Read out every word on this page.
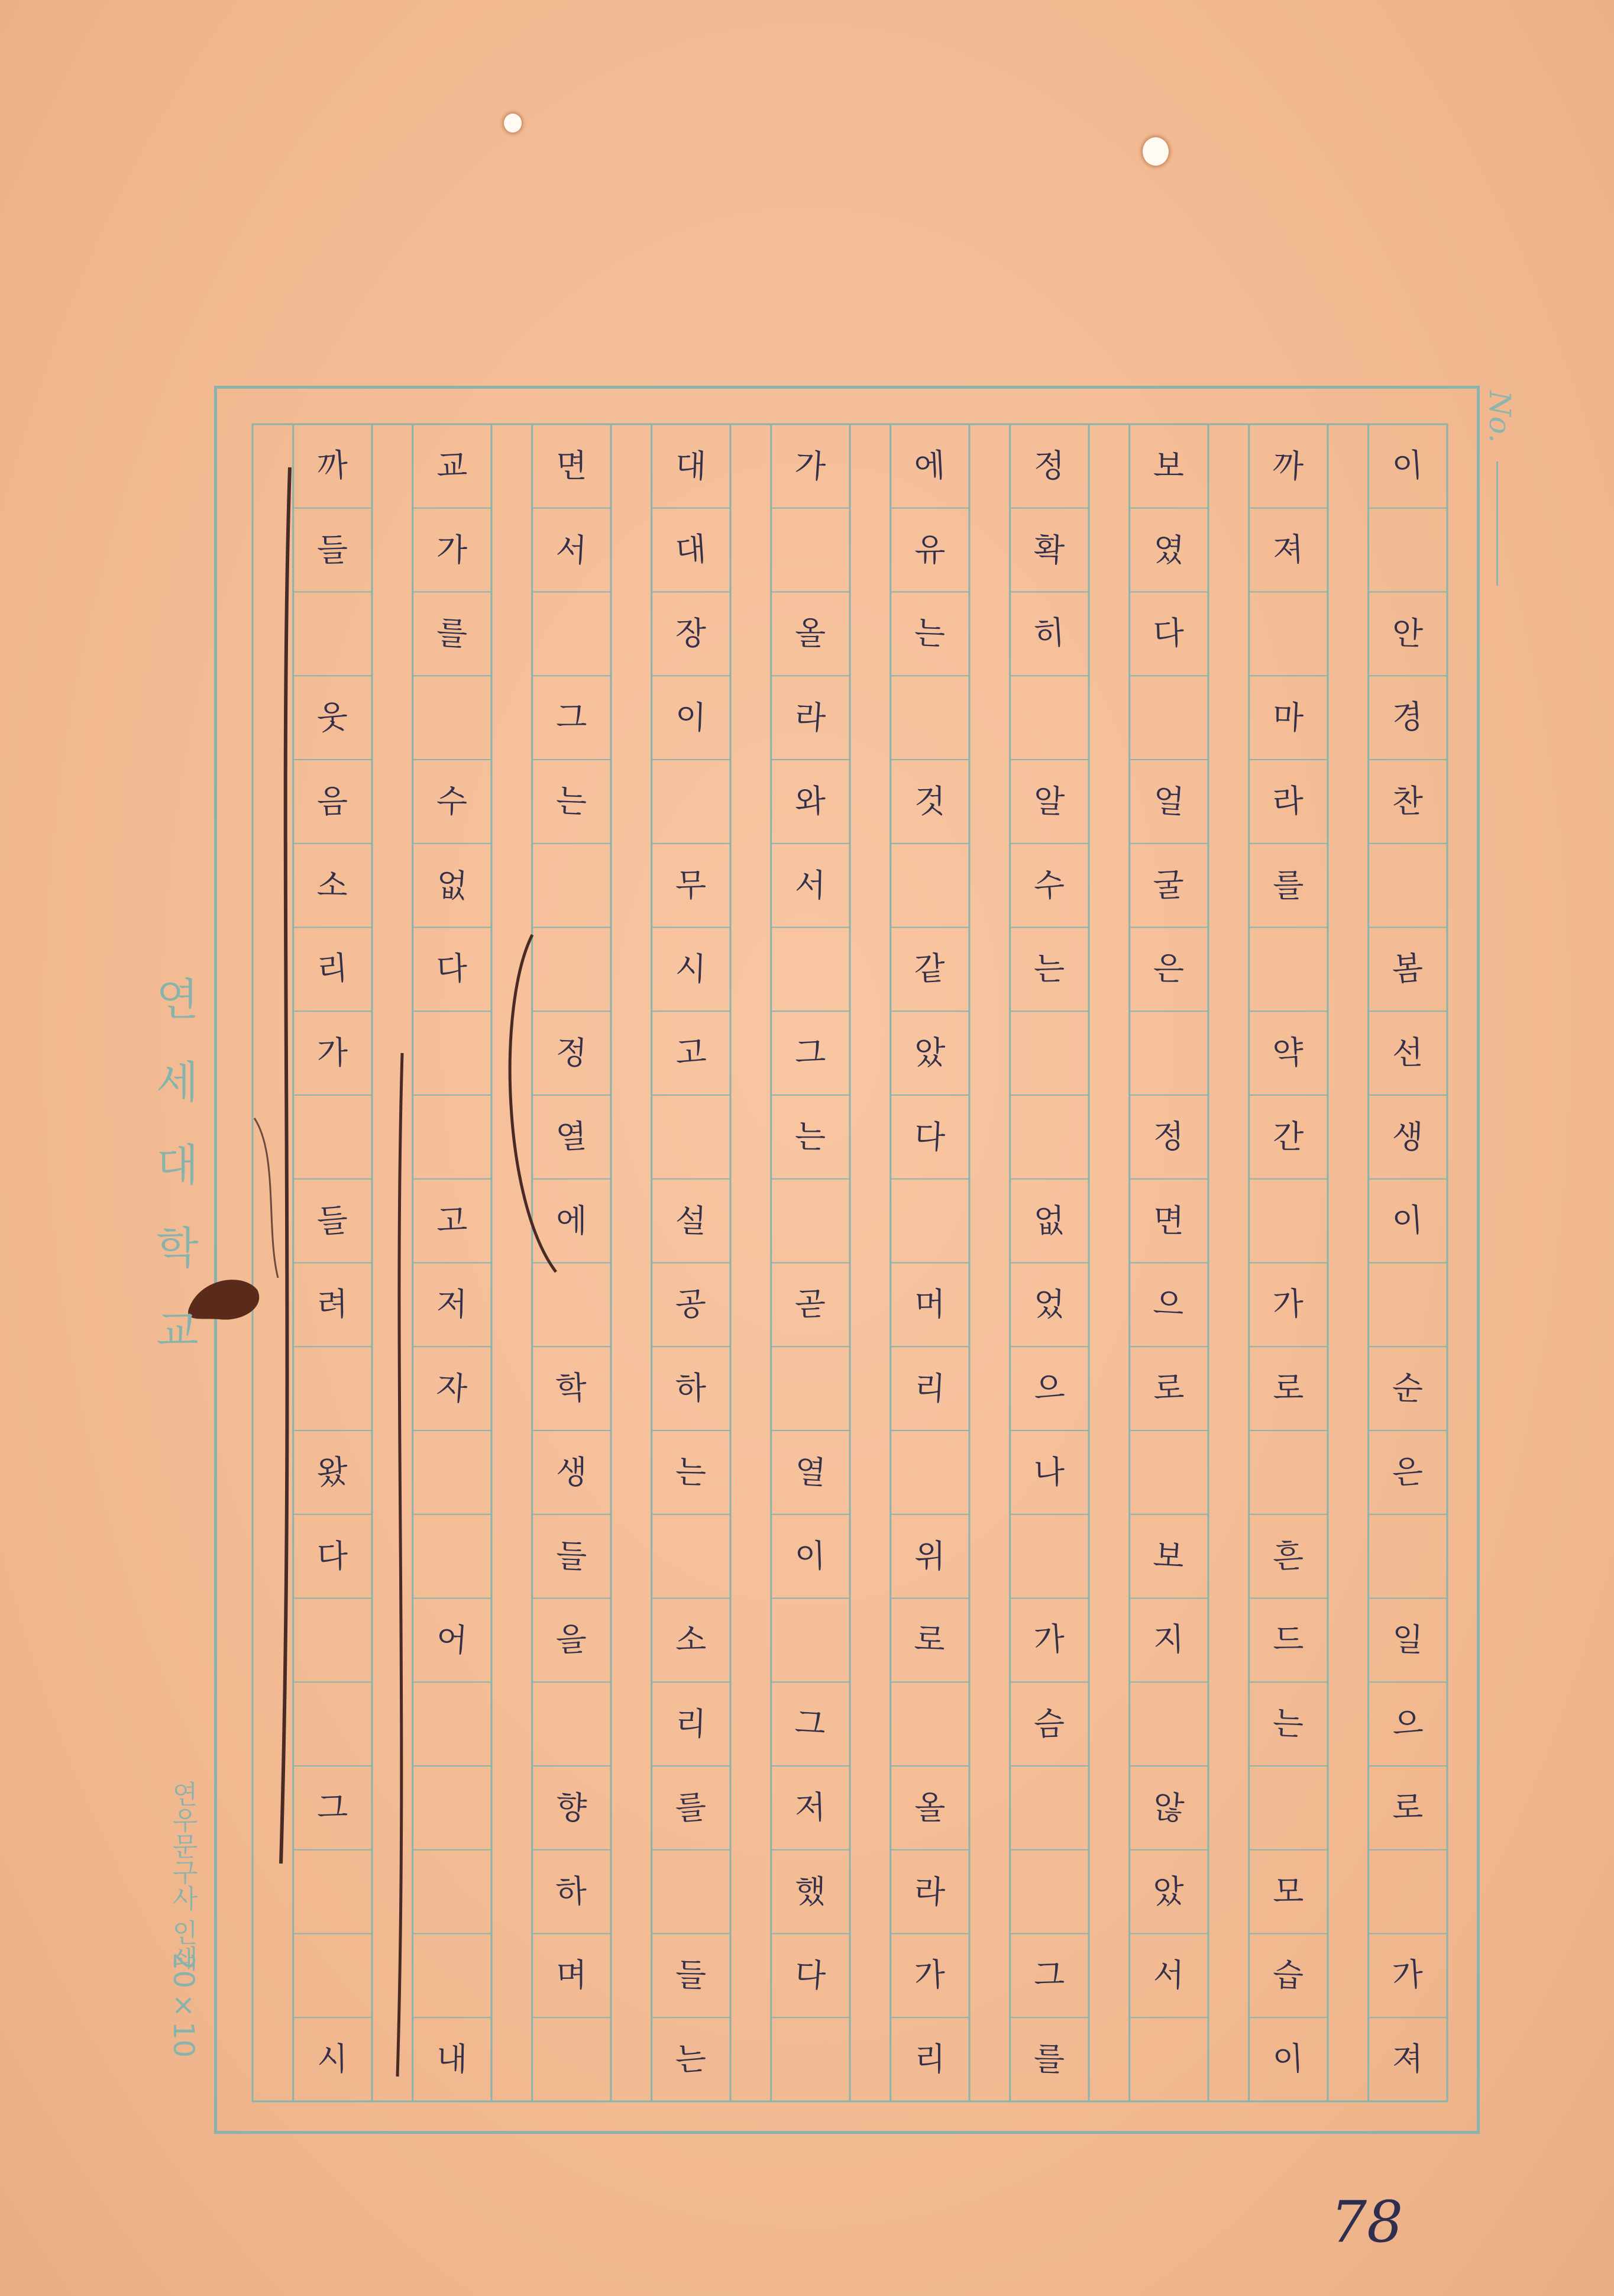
No.
이
안
경
찬
봄
선
생
이
순
은
일
으
로
가
져
까
져
마
라
를
약
간
가
로
흔
드
는
모
습
이
보
였
다
얼
굴
은
정
면
으
로
보
지
않
았
서
정
확
히
알
수
는
없
었
으
나
가
슴
그
를
에
유
는
것
같
았
다
머
리
위
로
올
라
가
리
가
올
라
와
서
그
는
곧
열
이
그
저
했
다
대
대
장
이
무
시
고
설
공
하
는
소
리
를
들
는
면
서
그
는
정
열
에
학
생
들
을
향
하
며
교
가
를
수
없
다
고
저
자
어
내
까
들
웃
음
소
리
가
들
려
왔
다
그
시
연
세
대
학
교
연우문구사 인쇄
20×10
78
